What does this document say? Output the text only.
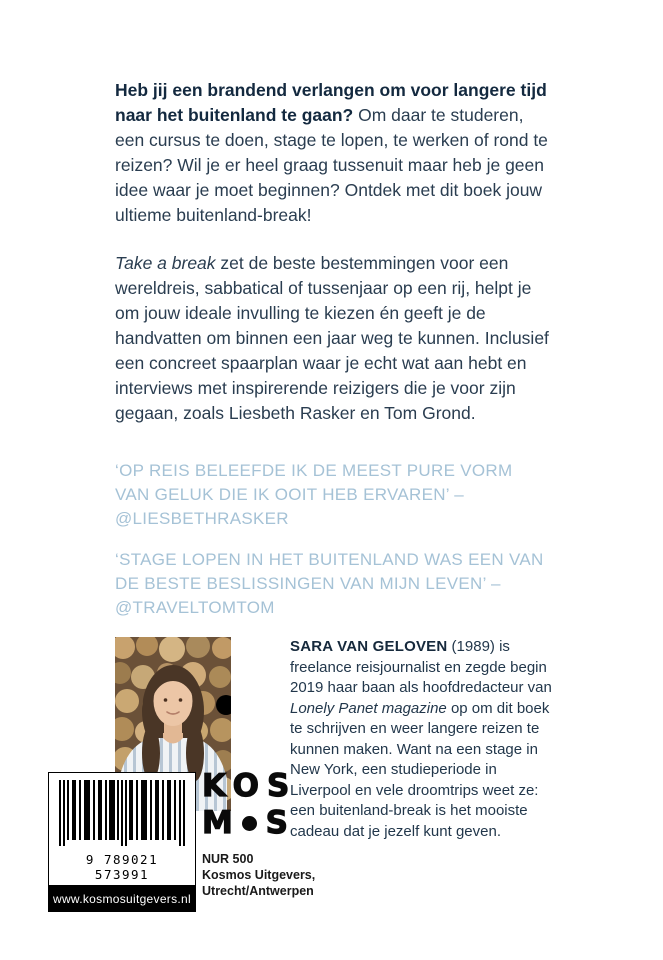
Heb jij een brandend verlangen om voor langere tijd naar het buitenland te gaan? Om daar te studeren, een cursus te doen, stage te lopen, te werken of rond te reizen? Wil je er heel graag tussenuit maar heb je geen idee waar je moet beginnen? Ontdek met dit boek jouw ultieme buitenland-break!

Take a break zet de beste bestemmingen voor een wereldreis, sabbatical of tussenjaar op een rij, helpt je om jouw ideale invulling te kiezen én geeft je de handvatten om binnen een jaar weg te kunnen. Inclusief een concreet spaarplan waar je echt wat aan hebt en interviews met inspirerende reizigers die je voor zijn gegaan, zoals Liesbeth Rasker en Tom Grond.

‘OP REIS BELEEFDE IK DE MEEST PURE VORM VAN GELUK DIE IK OOIT HEB ERVAREN’ – @LIESBETHRASKER

‘STAGE LOPEN IN HET BUITENLAND WAS EEN VAN DE BESTE BESLISSINGEN VAN MIJN LEVEN’ – @TRAVELTOMTOM

SARA VAN GELOVEN (1989) is freelance reisjournalist en zegde begin 2019 haar baan als hoofdredacteur van Lonely Panet magazine op om dit boek te schrijven en weer langere reizen te kunnen maken. Want na een stage in New York, een studieperiode in Liverpool en vele droomtrips weet ze: een buitenland-break is het mooiste cadeau dat je jezelf kunt geven.

9 789021 573991
www.kosmosuitgevers.nl
KOS
M S
NUR 500
Kosmos Uitgevers,
Utrecht/Antwerpen
